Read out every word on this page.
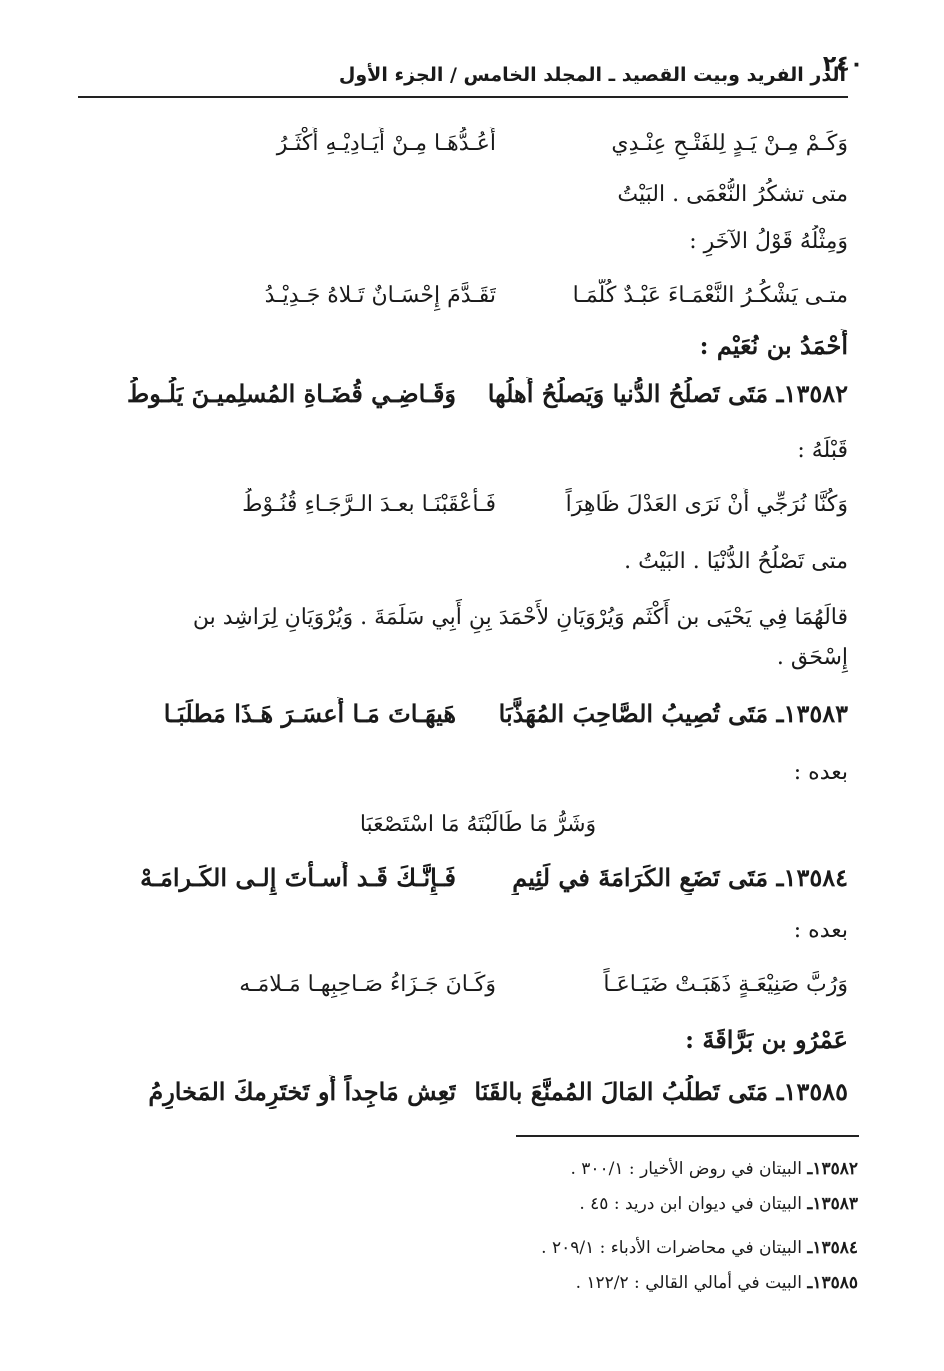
٢٤٠
الدر الفريد وبيت القصيد ـ المجلد الخامس / الجزء الأول
وَكَـمْ مِـنْ يَـدٍ لِلفَتْـحِ عِنْـدِي
أَعُـدُّهَـا مِـنْ أَيَـادِيْـهِ أَكْثَـرُ
متى تشكُرُ النُّعْمَى . البَيْتُ
وَمِثْلُهُ قَوْلُ الآخَرِ :
متـى يَشْكُـرُ النَّعْمَـاءَ عَبْـدٌ كُلَّمَـا
تَقَـدَّمَ إِحْسَـانٌ تَـلاهُ جَـدِيْـدُ
أَحْمَدُ بن نُعَيْم :
١٣٥٨٢ـ مَتَى تَصلُحُ الدُّنيا وَيَصلُحُ أَهلُها
وَقَـاضِـي قُضَـاةِ المُسلِميـنَ يَلُـوطُ
قَبْلَهُ :
وَكُنَّا نُرَجِّي أَنْ نَرَى العَدْلَ ظَاهِرَاً
فَـأَعْقَبْنَـا بعـدَ الـرَّجَـاءِ قُنُـوْطُ
متى تَصْلُحُ الدُّنْيَا . البَيْتُ .
قالَهُمَا فِي يَحْيَى بن أَكْثَم وَيُرْوَيَانِ لأَحْمَدَ بِنِ أَبِي سَلَمَةَ . وَيُرْوَيَانِ لِرَاشِد بن
إِسْحَق .
١٣٥٨٣ـ مَتَى تُصِيبُ الصَّاحِبَ المُهَذَّبَا
هَيهَـاتَ مَـا أَعسَـرَ هَـذَا مَطلَبَـا
بعده :
وَشَرُّ مَا طَالَبْتَهُ مَا اسْتَصْعَبَا
١٣٥٨٤ـ مَتَى تَضَعِ الكَرَامَةَ في لَئِيمٍ
فَـإِنَّـكَ قَـد أَسـأتَ إِلـى الكَـرامَـهْ
بعده :
وَرُبَّ صَنِيْعَـةٍ ذَهَبَـتْ ضَيَـاعَـاً
وَكَـانَ جَـزَاءُ صَـاحِبِهـا مَـلامَـه
عَمْرُو بن بَرَّاقَةَ :
١٣٥٨٥ـ مَتَى تَطلُبُ المَالَ المُمنَّعَ بالقَنَا
تَعِش مَاجِداً أَو تَختَرِمكَ المَخارِمُ
١٣٥٨٢ـ البيتان في روض الأخيار : ٣٠٠/١ .
١٣٥٨٣ـ البيتان في ديوان ابن دريد : ٤٥ .
١٣٥٨٤ـ البيتان في محاضرات الأدباء : ٢٠٩/١ .
١٣٥٨٥ـ البيت في أمالي القالي : ١٢٢/٢ .
